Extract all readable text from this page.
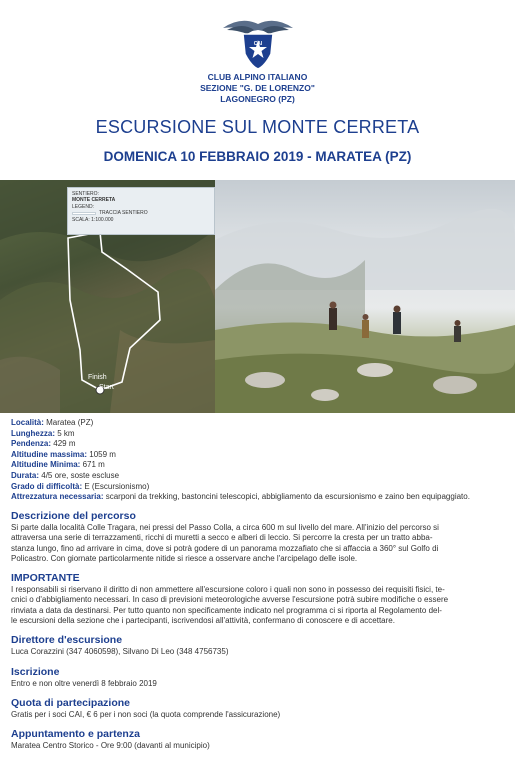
CAI
CLUB ALPINO ITALIANO
SEZIONE "G. DE LORENZO"
LAGONEGRO (PZ)
ESCURSIONE SUL MONTE CERRETA
DOMENICA 10 FEBBRAIO 2019 - MARATEA (PZ)
SENTIERO:
MONTE CERRETA
LEGEND:
TRACCIA SENTIERO
SCALA: 1:100.000
Finish
Start
Località: Maratea (PZ)
Lunghezza: 5 km
Pendenza: 429 m
Altitudine massima: 1059 m
Altitudine Minima: 671 m
Durata: 4/5 ore, soste escluse
Grado di difficoltà: E (Escursionismo)
Attrezzatura necessaria: scarponi da trekking, bastoncini telescopici, abbigliamento da escursionismo e zaino ben equipaggiato.
Descrizione del percorso

Si parte dalla località Colle Tragara, nei pressi del Passo Colla, a circa 600 m sul livello del mare. All'inizio del percorso si

attraversa una serie di terrazzamenti, ricchi di muretti a secco e alberi di leccio. Si percorre la cresta per un tratto abba-

stanza lungo, fino ad arrivare in cima, dove si potrà godere di un panorama mozzafiato che si affaccia a 360° sul Golfo di

Policastro. Con giornate particolarmente nitide si riesce a osservare anche l'arcipelago delle isole.

IMPORTANTE

I responsabili si riservano il diritto di non ammettere all'escursione coloro i quali non sono in possesso dei requisiti fisici, te-

cnici o d'abbigliamento necessari. In caso di previsioni meteorologiche avverse l'escursione potrà subire modifiche o essere

rinviata a data da destinarsi. Per tutto quanto non specificamente indicato nel programma ci si riporta al Regolamento del-

le escursioni della sezione che i partecipanti, iscrivendosi all'attività, confermano di conoscere e di accettare.

Direttore d'escursione

Luca Corazzini (347 4060598), Silvano Di Leo (348 4756735)

Iscrizione

Entro e non oltre venerdì 8 febbraio 2019

Quota di partecipazione

Gratis per i soci CAI, € 6 per i non soci (la quota comprende l'assicurazione)

Appuntamento e partenza

Maratea Centro Storico - Ore 9:00 (davanti al municipio)
